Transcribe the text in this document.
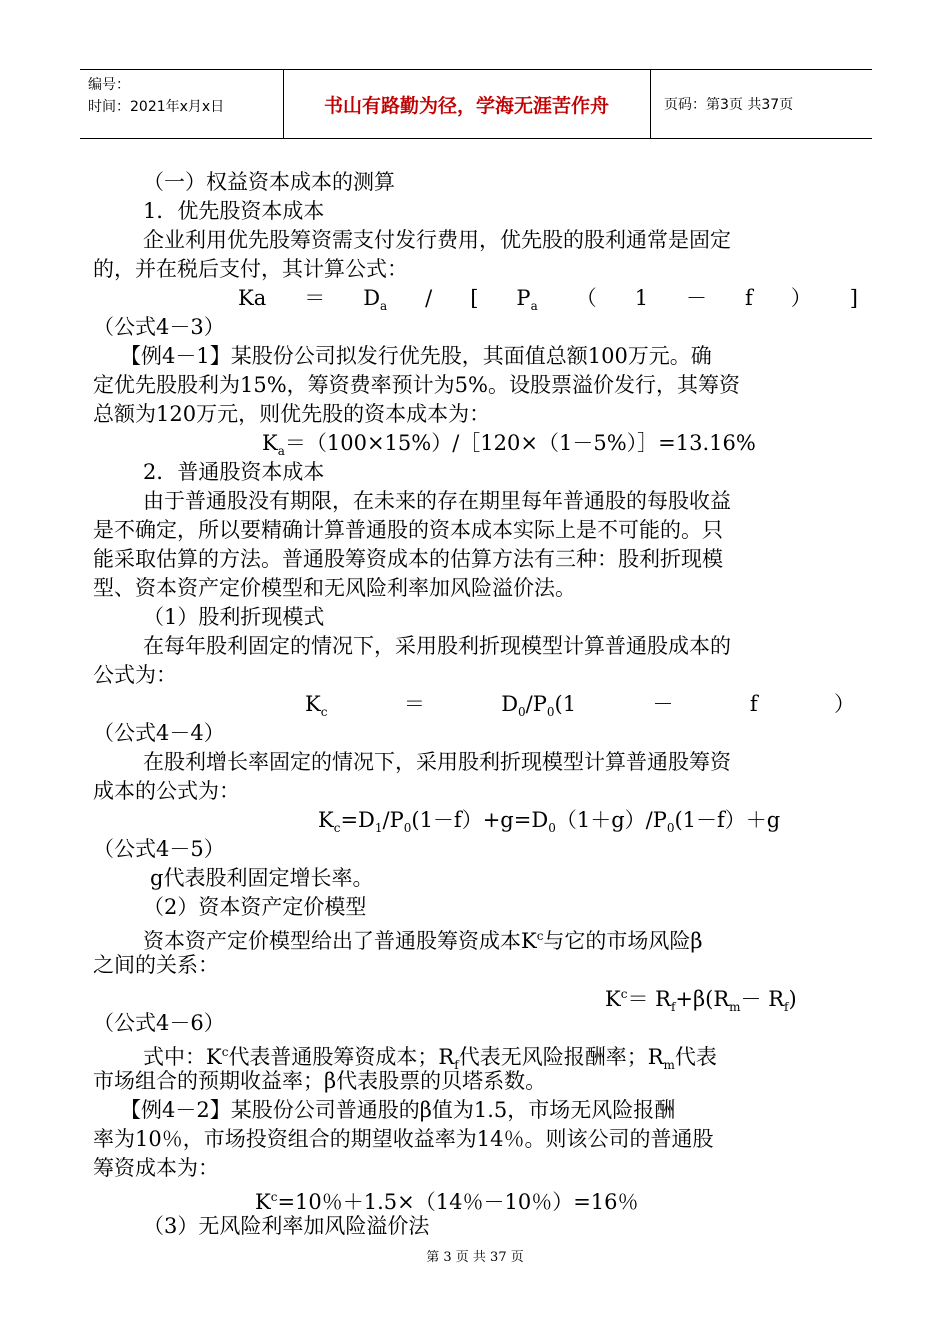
编号：
时间：2021年x月x日	书山有路勤为径，学海无涯苦作舟	页码：第3页 共37页
（一）权益资本成本的测算
1．优先股资本成本
企业利用优先股筹资需支付发行费用，优先股的股利通常是固定
的，并在税后支付，其计算公式：
$Ka = D_a$ / [ $P_a$ （ 1 － f ） ]
（公式4－3）
【例4－1】某股份公司拟发行优先股，其面值总额100万元。确
定优先股股利为15%，筹资费率预计为5%。设股票溢价发行，其筹资
总额为120万元，则优先股的资本成本为：
$K_a=(100\times 15\%)/[120\times(1-5\%)]=13.16\%$
2．普通股资本成本
由于普通股没有期限，在未来的存在期里每年普通股的每股收益
是不确定，所以要精确计算普通股的资本成本实际上是不可能的。只
能采取估算的方法。普通股筹资成本的估算方法有三种：股利折现模
型、资本资产定价模型和无风险利率加风险溢价法。
（1）股利折现模式
在每年股利固定的情况下，采用股利折现模型计算普通股成本的
公式为：
$K_c$	＝	$D_0/P_0(1$	－	f	）
（公式4－4）
在股利增长率固定的情况下，采用股利折现模型计算普通股筹资
成本的公式为：
$K_c=D_1/P_0(1-f)+g=D_0(1+g)/P_0(1-f)+g$
（公式4－5）
g代表股利固定增长率。
（2）资本资产定价模型
资本资产定价模型给出了普通股筹资成本$K^c$与它的市场风险β
之间的关系：
$K^c= R_f+\beta(R_m- R_f)$
（公式4－6）
式中：$K^c$代表普通股筹资成本；$R_f$代表无风险报酬率；$R_m$代表
市场组合的预期收益率；β代表股票的贝塔系数。
【例4－2】某股份公司普通股的β值为1.5，市场无风险报酬
率为10％，市场投资组合的期望收益率为14％。则该公司的普通股
筹资成本为：
$K^c=10$％＋1.5×（14％－10％）=16％
（3）无风险利率加风险溢价法
第 3 页 共 37 页
